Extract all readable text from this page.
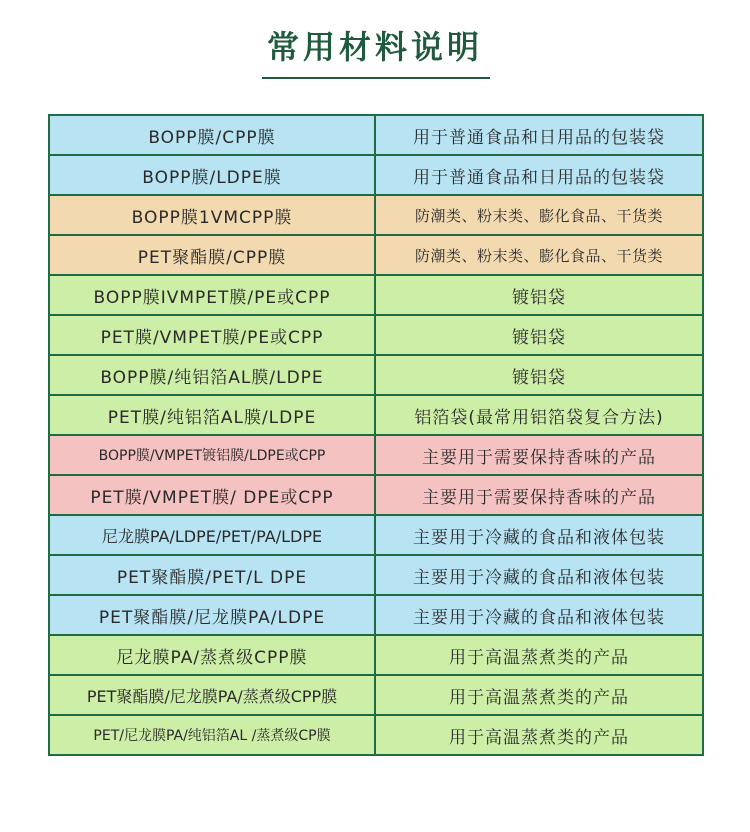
常用材料说明
BOPP膜/CPP膜	用于普通食品和日用品的包装袋
BOPP膜/LDPE膜	用于普通食品和日用品的包装袋
BOPP膜1VMCPP膜	防潮类、粉末类、膨化食品、干货类
PET聚酯膜/CPP膜	防潮类、粉末类、膨化食品、干货类
BOPP膜IVMPET膜/PE或CPP	镀铝袋
PET膜/VMPET膜/PE或CPP	镀铝袋
BOPP膜/纯铝箔AL膜/LDPE	镀铝袋
PET膜/纯铝箔AL膜/LDPE	铝箔袋(最常用铝箔袋复合方法)
BOPP膜/VMPET镀铝膜/LDPE或CPP	主要用于需要保持香味的产品
PET膜/VMPET膜/ DPE或CPP	主要用于需要保持香味的产品
尼龙膜PA/LDPE/PET/PA/LDPE	主要用于冷藏的食品和液体包装
PET聚酯膜/PET/L DPE	主要用于冷藏的食品和液体包装
PET聚酯膜/尼龙膜PA/LDPE	主要用于冷藏的食品和液体包装
尼龙膜PA/蒸煮级CPP膜	用于高温蒸煮类的产品
PET聚酯膜/尼龙膜PA/蒸煮级CPP膜	用于高温蒸煮类的产品
PET/尼龙膜PA/纯铝箔AL /蒸煮级CP膜	用于高温蒸煮类的产品
